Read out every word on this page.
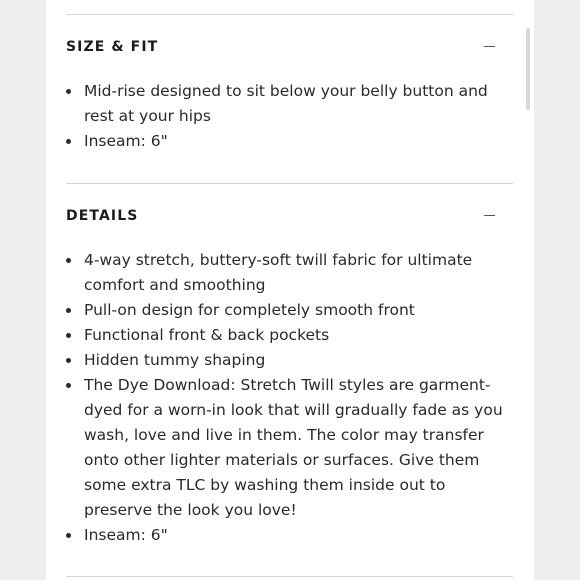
SIZE & FIT
Mid-rise designed to sit below your belly button and rest at your hips
Inseam: 6"
DETAILS
4-way stretch, buttery-soft twill fabric for ultimate comfort and smoothing
Pull-on design for completely smooth front
Functional front & back pockets
Hidden tummy shaping
The Dye Download: Stretch Twill styles are garment-dyed for a worn-in look that will gradually fade as you wash, love and live in them. The color may transfer onto other lighter materials or surfaces. Give them some extra TLC by washing them inside out to preserve the look you love!
Inseam: 6"
